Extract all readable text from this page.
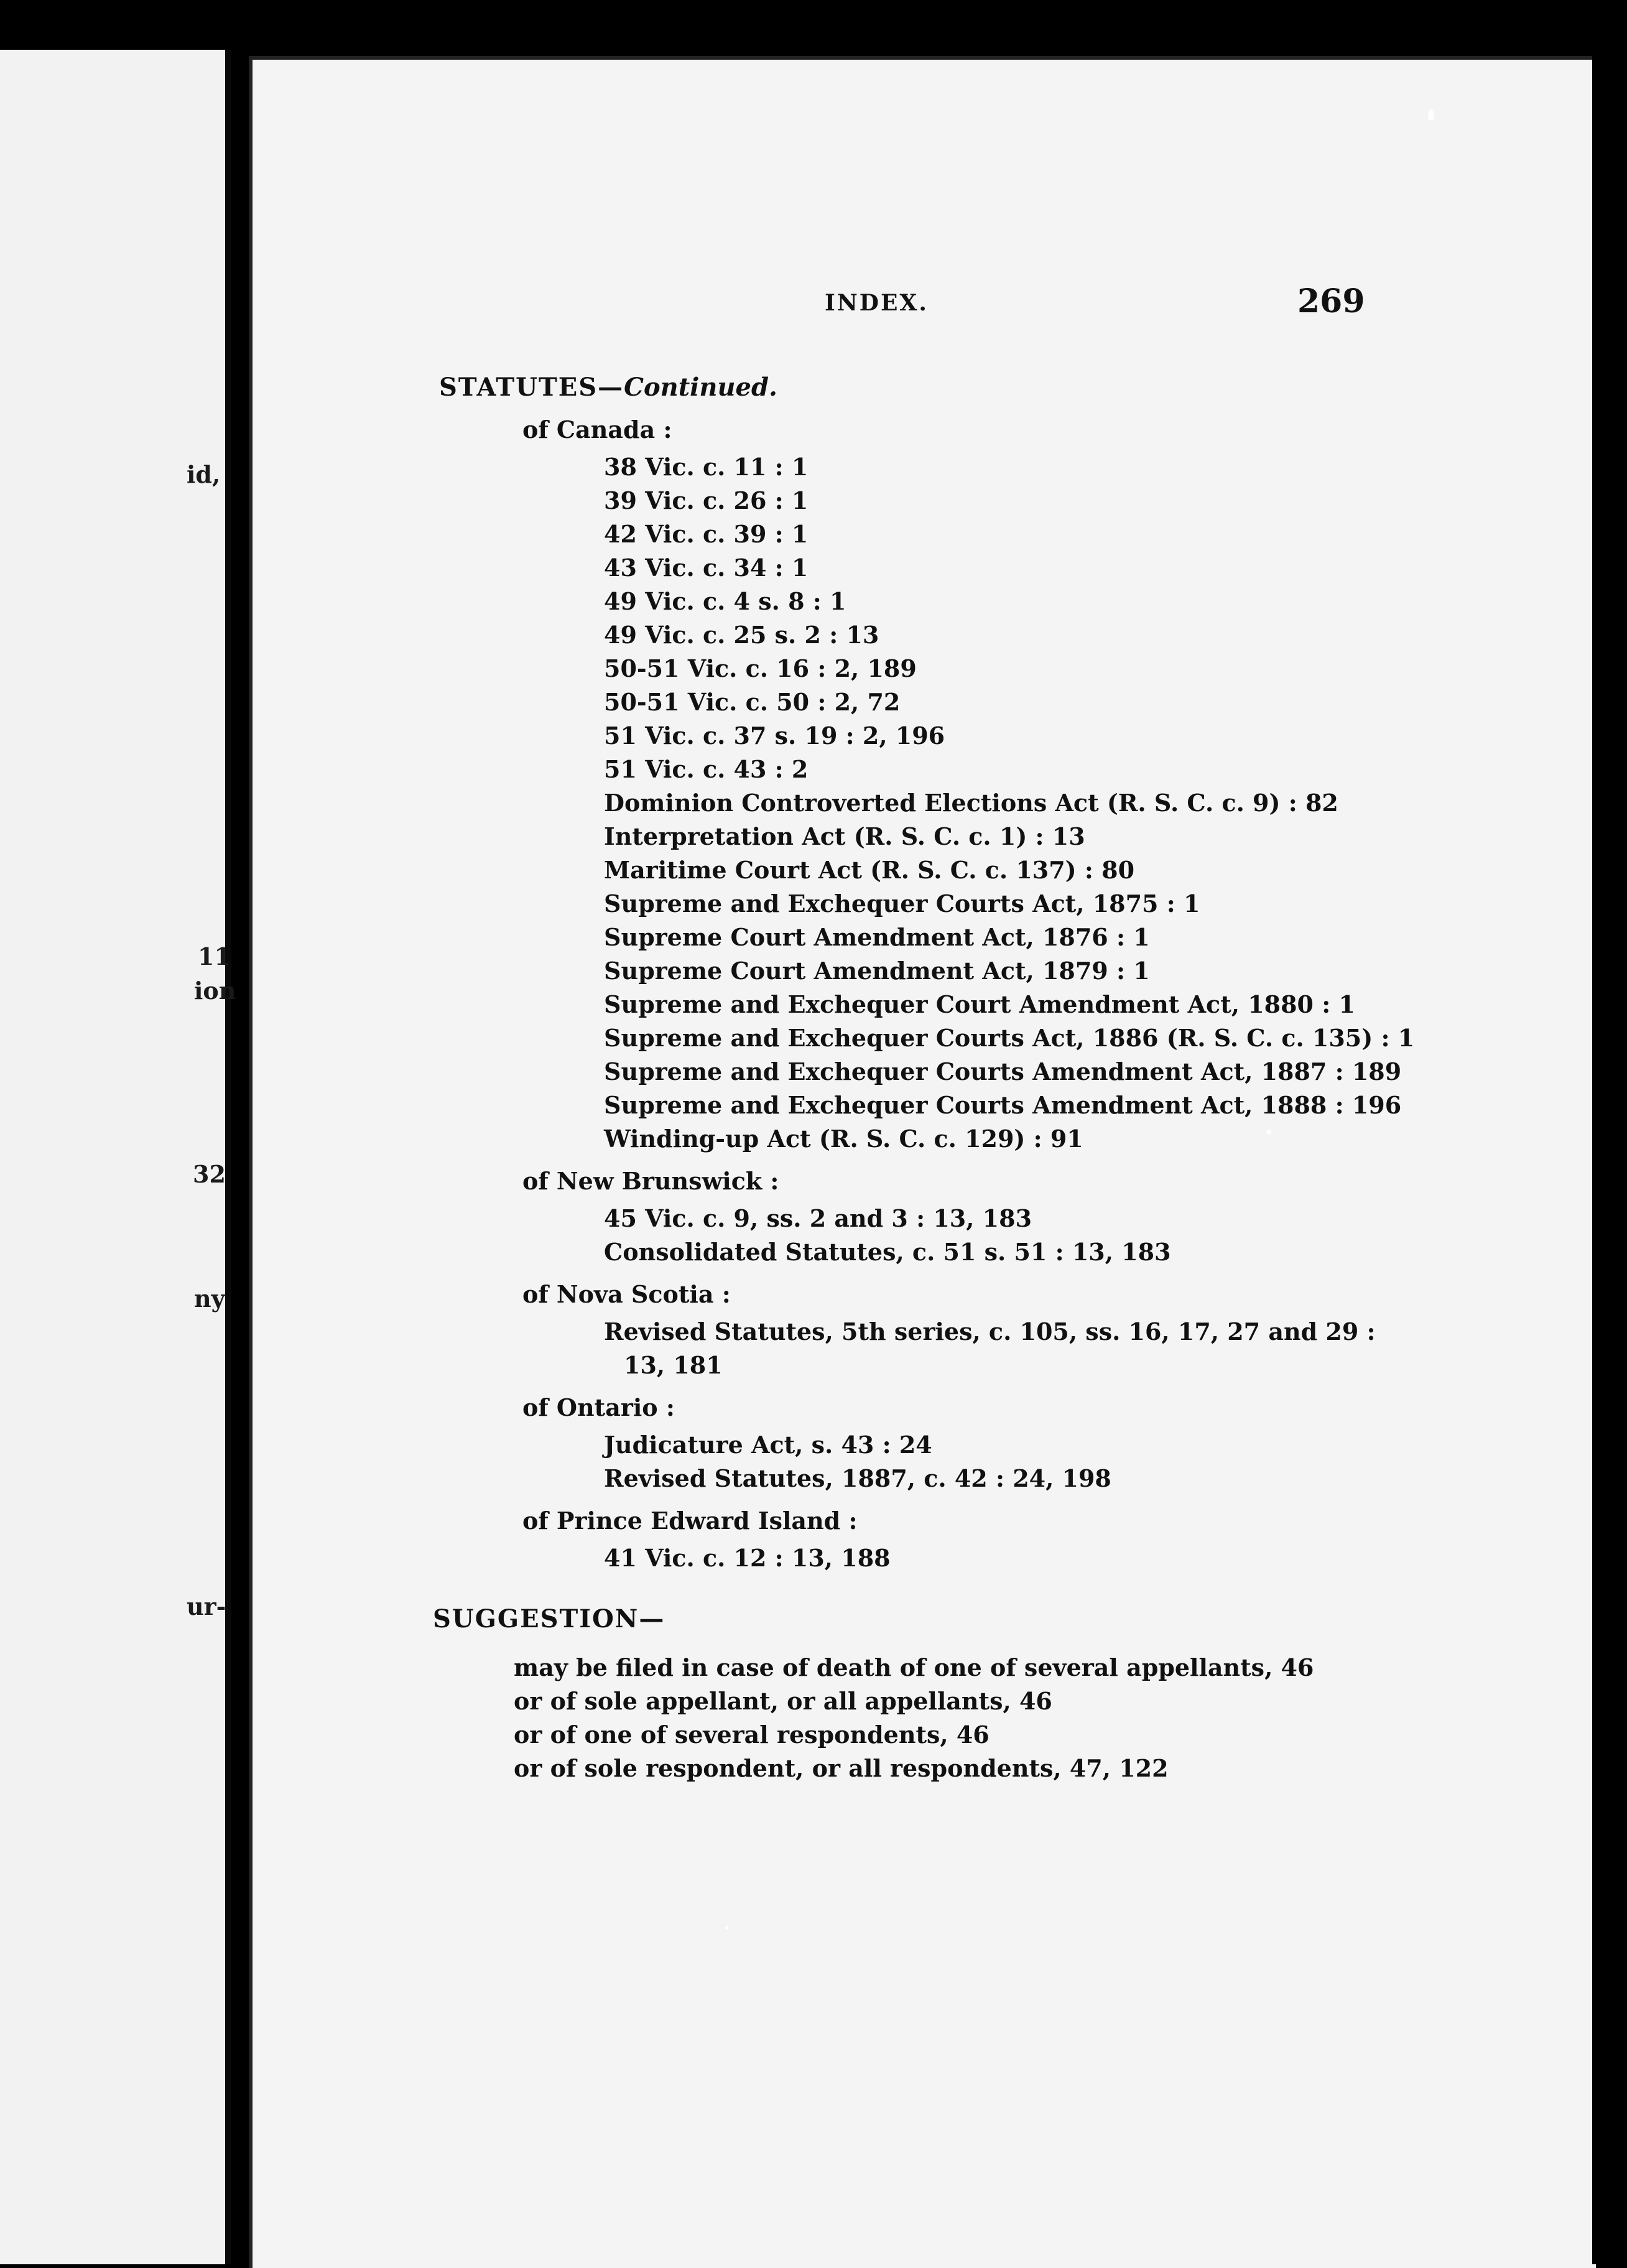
id,
11
ion
32
ny
ur-
INDEX.	269

STATUTES—Continued.

of Canada :
38 Vic. c. 11 : 1
39 Vic. c. 26 : 1
42 Vic. c. 39 : 1
43 Vic. c. 34 : 1
49 Vic. c. 4 s. 8 : 1
49 Vic. c. 25 s. 2 : 13
50-51 Vic. c. 16 : 2, 189
50-51 Vic. c. 50 : 2, 72
51 Vic. c. 37 s. 19 : 2, 196
51 Vic. c. 43 : 2
Dominion Controverted Elections Act (R. S. C. c. 9) : 82
Interpretation Act (R. S. C. c. 1) : 13
Maritime Court Act (R. S. C. c. 137) : 80
Supreme and Exchequer Courts Act, 1875 : 1
Supreme Court Amendment Act, 1876 : 1
Supreme Court Amendment Act, 1879 : 1
Supreme and Exchequer Court Amendment Act, 1880 : 1
Supreme and Exchequer Courts Act, 1886 (R. S. C. c. 135) : 1
Supreme and Exchequer Courts Amendment Act, 1887 : 189
Supreme and Exchequer Courts Amendment Act, 1888 : 196
Winding-up Act (R. S. C. c. 129) : 91
of New Brunswick :
45 Vic. c. 9, ss. 2 and 3 : 13, 183
Consolidated Statutes, c. 51 s. 51 : 13, 183
of Nova Scotia :
Revised Statutes, 5th series, c. 105, ss. 16, 17, 27 and 29 : 13, 181
of Ontario :
Judicature Act, s. 43 : 24
Revised Statutes, 1887, c. 42 : 24, 198
of Prince Edward Island :
41 Vic. c. 12 : 13, 188

SUGGESTION—

may be filed in case of death of one of several appellants, 46
or of sole appellant, or all appellants, 46
or of one of several respondents, 46
or of sole respondent, or all respondents, 47, 122
